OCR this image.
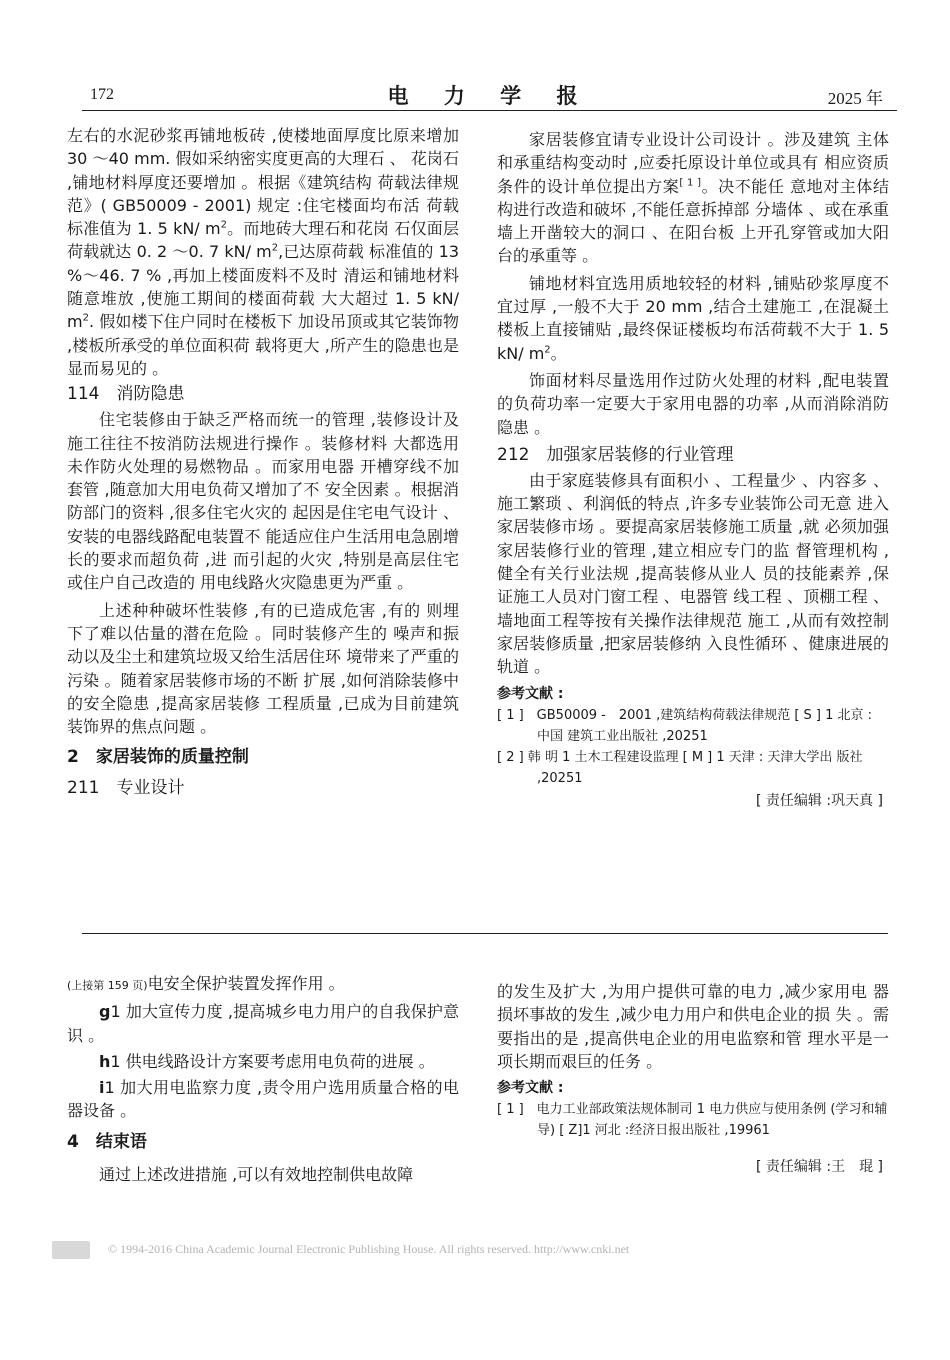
172	电 力 学 报	2025 年

左右的水泥砂浆再铺地板砖 ,使楼地面厚度比原来增加 30 ～40 mm. 假如采纳密实度更高的大理石 、 花岗石 ,铺地材料厚度还要增加 。根据《建筑结构 荷载法律规范》( GB50009 - 2001) 规定 :住宅楼面均布活 荷载标准值为 1. 5 kN/ $m^2$。而地砖大理石和花岗 石仅面层荷载就达 0. 2 ～0. 7 kN/ $m^2$,已达原荷载 标准值的 13 %～46. 7 % ,再加上楼面废料不及时 清运和铺地材料随意堆放 ,使施工期间的楼面荷载 大大超过 1. 5 kN/ $m^2$. 假如楼下住户同时在楼板下 加设吊顶或其它装饰物 ,楼板所承受的单位面积荷 载将更大 ,所产生的隐患也是显而易见的 。

114　消防隐患

住宅装修由于缺乏严格而统一的管理 ,装修设计及施工往往不按消防法规进行操作 。装修材料 大都选用未作防火处理的易燃物品 。而家用电器 开槽穿线不加套管 ,随意加大用电负荷又增加了不 安全因素 。根据消防部门的资料 ,很多住宅火灾的 起因是住宅电气设计 、安装的电器线路配电装置不 能适应住户生活用电急剧增长的要求而超负荷 ,进 而引起的火灾 ,特别是高层住宅或住户自己改造的 用电线路火灾隐患更为严重 。

上述种种破坏性装修 ,有的已造成危害 ,有的 则埋下了难以估量的潜在危险 。同时装修产生的 噪声和振动以及尘土和建筑垃圾又给生活居住环 境带来了严重的污染 。随着家居装修市场的不断 扩展 ,如何消除装修中的安全隐患 ,提高家居装修 工程质量 ,已成为目前建筑装饰界的焦点问题 。

2　家居装饰的质量控制

211　专业设计

家居装修宜请专业设计公司设计 。涉及建筑 主体和承重结构变动时 ,应委托原设计单位或具有 相应资质条件的设计单位提出方案[ 1 ]。决不能任 意地对主体结构进行改造和破坏 ,不能任意拆掉部 分墙体 、或在承重墙上开凿较大的洞口 、在阳台板 上开孔穿管或加大阳台的承重等 。

铺地材料宜选用质地较轻的材料 ,铺贴砂浆厚度不宜过厚 ,一般不大于 20 mm ,结合土建施工 ,在混凝土楼板上直接铺贴 ,最终保证楼板均布活荷载不大于 1. 5 kN/ $m^2$。

饰面材料尽量选用作过防火处理的材料 ,配电装置的负荷功率一定要大于家用电器的功率 ,从而消除消防隐患 。

212　加强家居装修的行业管理

由于家庭装修具有面积小 、工程量少 、内容多 、 施工繁琐 、利润低的特点 ,许多专业装饰公司无意 进入家居装修市场 。要提高家居装修施工质量 ,就 必须加强家居装修行业的管理 ,建立相应专门的监 督管理机构 ,健全有关行业法规 ,提高装修从业人 员的技能素养 ,保证施工人员对门窗工程 、电器管 线工程 、顶棚工程 、墙地面工程等按有关操作法律规范 施工 ,从而有效控制家居装修质量 ,把家居装修纳 入良性循环 、健康进展的轨道 。

参考文献 :

[ 1 ]　GB50009 -　2001 ,建筑结构荷载法律规范 [ S ] 1 北京 : 中国 建筑工业出版社 ,20251

[ 2 ] 韩 明 1 土木工程建设监理 [ M ] 1 天津 : 天津大学出 版社 ,20251

[ 责任编辑 :巩天真 ]

(上接第 159 页)电安全保护装置发挥作用 。

g1 加大宣传力度 ,提高城乡电力用户的自我保护意识 。

h1 供电线路设计方案要考虑用电负荷的进展 。

i1 加大用电监察力度 ,责令用户选用质量合格的电器设备 。

4　结束语

通过上述改进措施 ,可以有效地控制供电故障

的发生及扩大 ,为用户提供可靠的电力 ,减少家用电 器损坏事故的发生 ,减少电力用户和供电企业的损 失 。需要指出的是 ,提高供电企业的用电监察和管 理水平是一项长期而艰巨的任务 。

参考文献 :

[ 1 ]　电力工业部政策法规体制司 1 电力供应与使用条例 (学习和辅导) [ Z]1 河北 :经济日报出版社 ,19961

[ 责任编辑 :王　琨 ]

© 1994-2016 China Academic Journal Electronic Publishing House. All rights reserved. http://www.cnki.net
